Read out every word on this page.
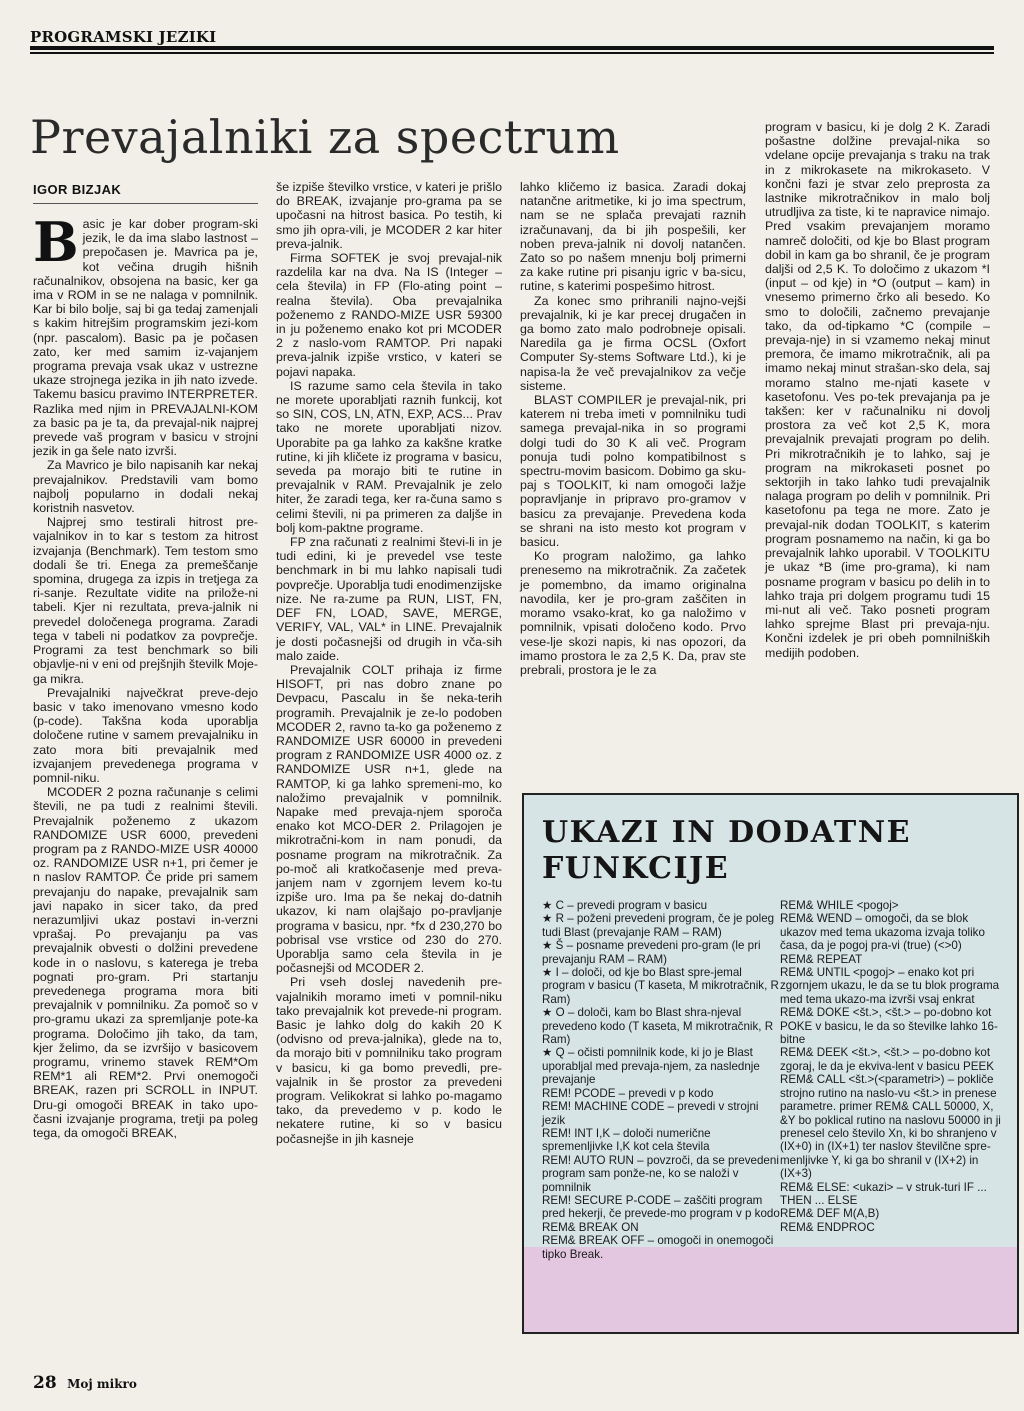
PROGRAMSKI JEZIKI
Prevajalniki za spectrum
IGOR BIZJAK

Basic je kar dober program-ski jezik, le da ima slabo lastnost – prepočasen je. Mavrica pa je, kot večina drugih hišnih računalnikov, obsojena na basic, ker ga ima v ROM in se ne nalaga v pomnilnik. Kar bi bilo bolje, saj bi ga tedaj zamenjali s kakim hitrejšim programskim jezi-kom (npr. pascalom). Basic pa je počasen zato, ker med samim iz-vajanjem programa prevaja vsak ukaz v ustrezne ukaze strojnega jezika in jih nato izvede. Takemu basicu pravimo INTERPRETER. Razlika med njim in PREVAJALNI-KOM za basic pa je ta, da prevajal-nik najprej prevede vaš program v basicu v strojni jezik in ga šele nato izvrši.

Za Mavrico je bilo napisanih kar nekaj prevajalnikov. Predstavili vam bomo najbolj popularno in dodali nekaj koristnih nasvetov.

Najprej smo testirali hitrost pre-vajalnikov in to kar s testom za hitrost izvajanja (Benchmark). Tem testom smo dodali še tri. Enega za premeščanje spomina, drugega za izpis in tretjega za ri-sanje. Rezultate vidite na prilože-ni tabeli. Kjer ni rezultata, preva-jalnik ni prevedel določenega programa. Zaradi tega v tabeli ni podatkov za povprečje. Programi za test benchmark so bili objavlje-ni v eni od prejšnjih številk Moje-ga mikra.

Prevajalniki največkrat preve-dejo basic v tako imenovano vmesno kodo (p-code). Takšna koda uporablja določene rutine v samem prevajalniku in zato mora biti prevajalnik med izvajanjem prevedenega programa v pomnil-niku.

MCODER 2 pozna računanje s celimi števili, ne pa tudi z realnimi števili. Prevajalnik poženemo z ukazom RANDOMIZE USR 6000, prevedeni program pa z RANDO-MIZE USR 40000 oz. RANDOMIZE USR n+1, pri čemer je n naslov RAMTOP. Če pride pri samem prevajanju do napake, prevajalnik sam javi napako in sicer tako, da pred nerazumljivi ukaz postavi in-verzni vprašaj. Po prevajanju pa vas prevajalnik obvesti o dolžini prevedene kode in o naslovu, s katerega je treba pognati pro-gram. Pri startanju prevedenega programa mora biti prevajalnik v pomnilniku. Za pomoč so v pro-gramu ukazi za spremljanje pote-ka programa. Določimo jih tako, da tam, kjer želimo, da se izvršijo v basicovem programu, vrinemo stavek REM*Om REM*1 ali REM*2. Prvi onemogoči BREAK, razen pri SCROLL in INPUT. Dru-gi omogoči BREAK in tako upo-časni izvajanje programa, tretji pa poleg tega, da omogoči BREAK,

še izpiše številko vrstice, v kateri je prišlo do BREAK, izvajanje pro-grama pa se upočasni na hitrost basica. Po testih, ki smo jih opra-vili, je MCODER 2 kar hiter preva-jalnik.

Firma SOFTEK je svoj prevajal-nik razdelila kar na dva. Na IS (Integer – cela števila) in FP (Flo-ating point – realna števila). Oba prevajalnika poženemo z RANDO-MIZE USR 59300 in ju poženemo enako kot pri MCODER 2 z naslo-vom RAMTOP. Pri napaki preva-jalnik izpiše vrstico, v kateri se pojavi napaka.

IS razume samo cela števila in tako ne morete uporabljati raznih funkcij, kot so SIN, COS, LN, ATN, EXP, ACS... Prav tako ne morete uporabljati nizov. Uporabite pa ga lahko za kakšne kratke rutine, ki jih kličete iz programa v basicu, seveda pa morajo biti te rutine in prevajalnik v RAM. Prevajalnik je zelo hiter, že zaradi tega, ker ra-čuna samo s celimi števili, ni pa primeren za daljše in bolj kom-paktne programe.

FP zna računati z realnimi števi-li in je tudi edini, ki je prevedel vse teste benchmark in bi mu lahko napisali tudi povprečje. Uporablja tudi enodimenzijske nize. Ne ra-zume pa RUN, LIST, FN, DEF FN, LOAD, SAVE, MERGE, VERIFY, VAL, VAL* in LINE. Prevajalnik je dosti počasnejši od drugih in vča-sih malo zaide.

Prevajalnik COLT prihaja iz firme HISOFT, pri nas dobro znane po Devpacu, Pascalu in še neka-terih programih. Prevajalnik je ze-lo podoben MCODER 2, ravno ta-ko ga poženemo z RANDOMIZE USR 60000 in prevedeni program z RANDOMIZE USR 4000 oz. z RANDOMIZE USR n+1, glede na RAMTOP, ki ga lahko spremeni-mo, ko naložimo prevajalnik v pomnilnik. Napake med prevaja-njem sporoča enako kot MCO-DER 2. Prilagojen je mikrotračni-kom in nam ponudi, da posname program na mikrotračnik. Za po-moč ali kratkočasenje med preva-janjem nam v zgornjem levem ko-tu izpiše uro. Ima pa še nekaj do-datnih ukazov, ki nam olajšajo po-pravljanje programa v basicu, npr. *fx d 230,270 bo pobrisal vse vrstice od 230 do 270. Uporablja samo cela števila in je počasnejši od MCODER 2.

Pri vseh doslej navedenih pre-vajalnikih moramo imeti v pomnil-niku tako prevajalnik kot prevede-ni program. Basic je lahko dolg do kakih 20 K (odvisno od preva-jalnika), glede na to, da morajo biti v pomnilniku tako program v basicu, ki ga bomo prevedli, pre-vajalnik in še prostor za prevedeni program. Velikokrat si lahko po-magamo tako, da prevedemo v p. kodo le nekatere rutine, ki so v basicu počasnejše in jih kasneje

lahko kličemo iz basica. Zaradi dokaj natančne aritmetike, ki jo ima spectrum, nam se ne splača prevajati raznih izračunavanj, da bi jih pospešili, ker noben preva-jalnik ni dovolj natančen. Zato so po našem mnenju bolj primerni za kake rutine pri pisanju igric v ba-sicu, rutine, s katerimi pospešimo hitrost.

Za konec smo prihranili najno-vejši prevajalnik, ki je kar precej drugačen in ga bomo zato malo podrobneje opisali. Naredila ga je firma OCSL (Oxfort Computer Sy-stems Software Ltd.), ki je napisa-la že več prevajalnikov za večje sisteme.

BLAST COMPILER je prevajal-nik, pri katerem ni treba imeti v pomnilniku tudi samega prevajal-nika in so programi dolgi tudi do 30 K ali več. Program ponuja tudi polno kompatibilnost s spectru-movim basicom. Dobimo ga sku-paj s TOOLKIT, ki nam omogoči lažje popravljanje in pripravo pro-gramov v basicu za prevajanje. Prevedena koda se shrani na isto mesto kot program v basicu.

Ko program naložimo, ga lahko prenesemo na mikrotračnik. Za začetek je pomembno, da imamo originalna navodila, ker je pro-gram zaščiten in moramo vsako-krat, ko ga naložimo v pomnilnik, vpisati določeno kodo. Prvo vese-lje skozi napis, ki nas opozori, da imamo prostora le za 2,5 K. Da, prav ste prebrali, prostora je le za

program v basicu, ki je dolg 2 K. Zaradi pošastne dolžine prevajal-nika so vdelane opcije prevajanja s traku na trak in z mikrokasete na mikrokaseto. V končni fazi je stvar zelo preprosta za lastnike mikrotračnikov in malo bolj utrudljiva za tiste, ki te napravice nimajo. Pred vsakim prevajanjem moramo namreč določiti, od kje bo Blast program dobil in kam ga bo shranil, če je program daljši od 2,5 K. To določimo z ukazom *I (input – od kje) in *O (output – kam) in vnesemo primerno črko ali besedo. Ko smo to določili, začnemo prevajanje tako, da od-tipkamo *C (compile – prevaja-nje) in si vzamemo nekaj minut premora, če imamo mikrotračnik, ali pa imamo nekaj minut strašan-sko dela, saj moramo stalno me-njati kasete v kasetofonu. Ves po-tek prevajanja pa je takšen: ker v računalniku ni dovolj prostora za več kot 2,5 K, mora prevajalnik prevajati program po delih. Pri mikrotračnikih je to lahko, saj je program na mikrokaseti posnet po sektorjih in tako lahko tudi prevajalnik nalaga program po delih v pomnilnik. Pri kasetofonu pa tega ne more. Zato je prevajal-nik dodan TOOLKIT, s katerim program posnamemo na način, ki ga bo prevajalnik lahko uporabil. V TOOLKITU je ukaz *B (ime pro-grama), ki nam posname program v basicu po delih in to lahko traja pri dolgem programu tudi 15 mi-nut ali več. Tako posneti program lahko sprejme Blast pri prevaja-nju. Končni izdelek je pri obeh pomnilniških medijih podoben.

UKAZI IN DODATNE FUNKCIJE

★ C – prevedi program v basicu

★ R – poženi prevedeni program, če je poleg tudi Blast (prevajanje RAM – RAM)

★ Š – posname prevedeni pro-gram (le pri prevajanju RAM – RAM)

★ I – določi, od kje bo Blast spre-jemal program v basicu (T kaseta, M mikrotračnik, R Ram)

★ O – določi, kam bo Blast shra-njeval prevedeno kodo (T kaseta, M mikrotračnik, R Ram)

★ Q – očisti pomnilnik kode, ki jo je Blast uporabljal med prevaja-njem, za naslednje prevajanje

REM! PCODE – prevedi v p kodo

REM! MACHINE CODE – prevedi v strojni jezik

REM! INT I,K – določi numerične spremenljivke I,K kot cela števila

REM! AUTO RUN – povzroči, da se prevedeni program sam ponže-ne, ko se naloži v pomnilnik

REM! SECURE P-CODE – zaščiti program pred hekerji, če prevede-mo program v p kodo

REM& BREAK ON

REM& BREAK OFF – omogoči in onemogoči tipko Break.

REM& WHILE <pogoj>

REM& WEND – omogoči, da se blok ukazov med tema ukazoma izvaja toliko časa, da je pogoj pra-vi (true) (<>0)

REM& REPEAT

REM& UNTIL <pogoj> – enako kot pri zgornjem ukazu, le da se tu blok programa med tema ukazo-ma izvrši vsaj enkrat

REM& DOKE <št.>, <št.> – po-dobno kot POKE v basicu, le da so številke lahko 16-bitne

REM& DEEK <št.>, <št.> – po-dobno kot zgoraj, le da je ekviva-lent v basicu PEEK

REM& CALL <št.>(<parametri>) – pokliče strojno rutino na naslo-vu <št.> in prenese parametre. primer REM& CALL 50000, X, &Y bo poklical rutino na naslovu 50000 in ji prenesel celo število Xn, ki bo shranjeno v (IX+0) in (IX+1) ter naslov številčne spre-menljivke Y, ki ga bo shranil v (IX+2) in (IX+3)

REM& ELSE: <ukazi> – v struk-turi IF ... THEN ... ELSE

REM& DEF M(A,B)

REM& ENDPROC

28 Moj mikro
